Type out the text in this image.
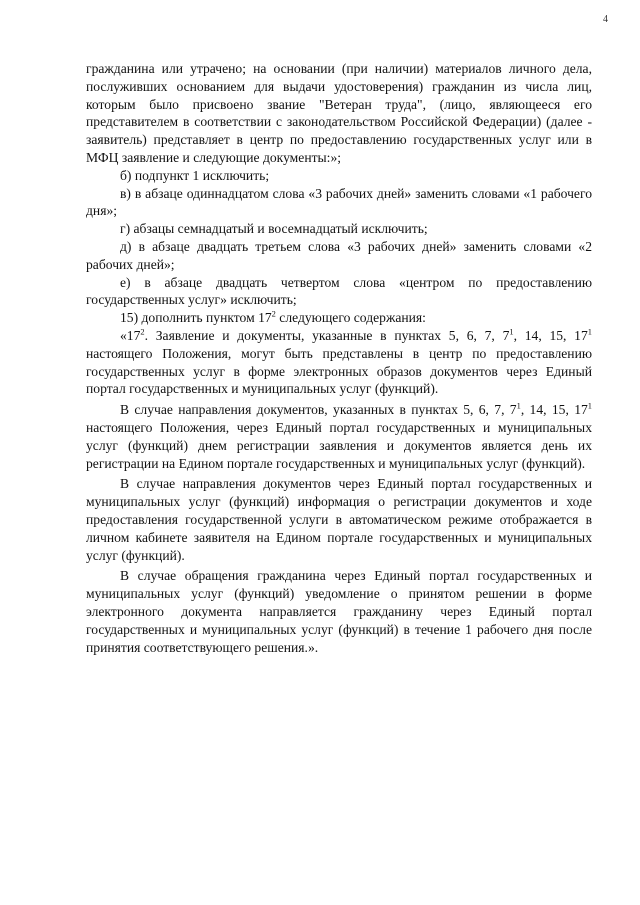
4

гражданина или утрачено; на основании (при наличии) материалов личного дела, послуживших основанием для выдачи удостоверения) гражданин из числа лиц, которым было присвоено звание "Ветеран труда", (лицо, являющееся его представителем в соответствии с законодательством Российской Федерации) (далее - заявитель) представляет в центр по предоставлению государственных услуг или в МФЦ заявление и следующие документы:»;

б) подпункт 1 исключить;

в) в абзаце одиннадцатом слова «3 рабочих дней» заменить словами «1 рабочего дня»;

г) абзацы семнадцатый и восемнадцатый исключить;

д) в абзаце двадцать третьем слова «3 рабочих дней» заменить словами «2 рабочих дней»;

е) в абзаце двадцать четвертом слова «центром по предоставлению государственных услуг» исключить;

15) дополнить пунктом $17^2$ следующего содержания:

«$17^2$. Заявление и документы, указанные в пунктах 5, 6, 7, $7^1$, 14, 15, $17^1$ настоящего Положения, могут быть представлены в центр по предоставлению государственных услуг в форме электронных образов документов через Единый портал государственных и муниципальных услуг (функций).

В случае направления документов, указанных в пунктах 5, 6, 7, $7^1$, 14, 15, $17^1$ настоящего Положения, через Единый портал государственных и муниципальных услуг (функций) днем регистрации заявления и документов является день их регистрации на Едином портале государственных и муниципальных услуг (функций).

В случае направления документов через Единый портал государственных и муниципальных услуг (функций) информация о регистрации документов и ходе предоставления государственной услуги в автоматическом режиме отображается в личном кабинете заявителя на Едином портале государственных и муниципальных услуг (функций).

В случае обращения гражданина через Единый портал государственных и муниципальных услуг (функций) уведомление о принятом решении в форме электронного документа направляется гражданину через Единый портал государственных и муниципальных услуг (функций) в течение 1 рабочего дня после принятия соответствующего решения.».
